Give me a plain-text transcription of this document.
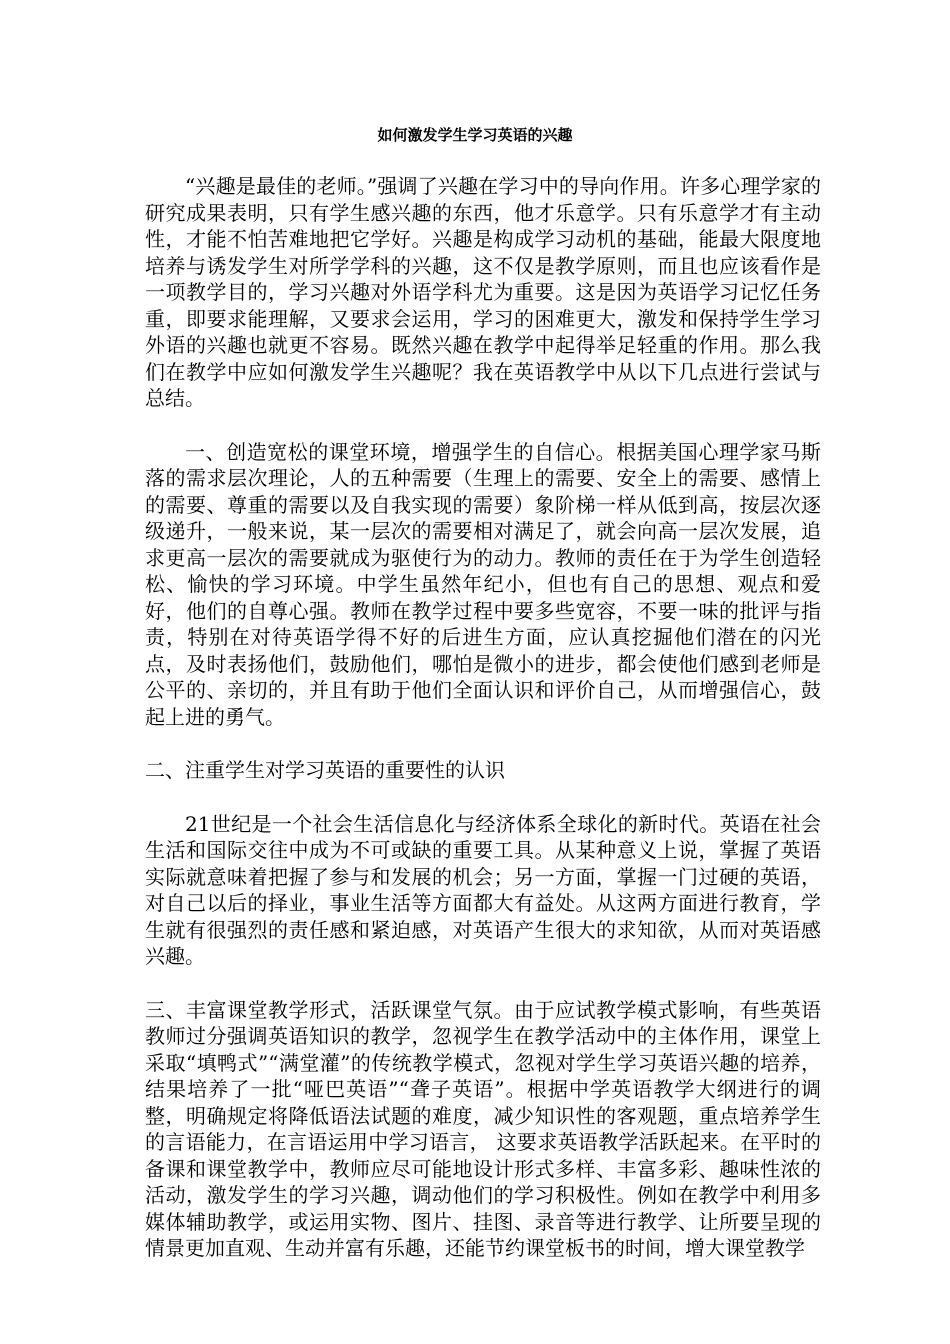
如何激发学生学习英语的兴趣

“兴趣是最佳的老师。”强调了兴趣在学习中的导向作用。许多心理学家的研究成果表明，只有学生感兴趣的东西，他才乐意学。只有乐意学才有主动性，才能不怕苦难地把它学好。兴趣是构成学习动机的基础，能最大限度地培养与诱发学生对所学学科的兴趣，这不仅是教学原则，而且也应该看作是一项教学目的，学习兴趣对外语学科尤为重要。这是因为英语学习记忆任务重，即要求能理解，又要求会运用，学习的困难更大，激发和保持学生学习外语的兴趣也就更不容易。既然兴趣在教学中起得举足轻重的作用。那么我们在教学中应如何激发学生兴趣呢？我在英语教学中从以下几点进行尝试与总结。

一、创造宽松的课堂环境，增强学生的自信心。根据美国心理学家马斯落的需求层次理论，人的五种需要（生理上的需要、安全上的需要、感情上的需要、尊重的需要以及自我实现的需要）象阶梯一样从低到高，按层次逐级递升，一般来说，某一层次的需要相对满足了，就会向高一层次发展，追求更高一层次的需要就成为驱使行为的动力。教师的责任在于为学生创造轻松、愉快的学习环境。中学生虽然年纪小，但也有自己的思想、观点和爱好，他们的自尊心强。教师在教学过程中要多些宽容，不要一味的批评与指责，特别在对待英语学得不好的后进生方面，应认真挖掘他们潜在的闪光点，及时表扬他们，鼓励他们，哪怕是微小的进步，都会使他们感到老师是公平的、亲切的，并且有助于他们全面认识和评价自己，从而增强信心，鼓起上进的勇气。

二、注重学生对学习英语的重要性的认识

21世纪是一个社会生活信息化与经济体系全球化的新时代。英语在社会生活和国际交往中成为不可或缺的重要工具。从某种意义上说，掌握了英语实际就意味着把握了参与和发展的机会；另一方面，掌握一门过硬的英语，对自己以后的择业，事业生活等方面都大有益处。从这两方面进行教育，学生就有很强烈的责任感和紧迫感，对英语产生很大的求知欲，从而对英语感兴趣。

三、丰富课堂教学形式，活跃课堂气氛。由于应试教学模式影响，有些英语教师过分强调英语知识的教学，忽视学生在教学活动中的主体作用，课堂上采取“填鸭式”“满堂灌”的传统教学模式，忽视对学生学习英语兴趣的培养，结果培养了一批“哑巴英语”“聋子英语”。根据中学英语教学大纲进行的调整，明确规定将降低语法试题的难度，减少知识性的客观题，重点培养学生的言语能力，在言语运用中学习语言， 这要求英语教学活跃起来。在平时的备课和课堂教学中，教师应尽可能地设计形式多样、丰富多彩、趣味性浓的活动，激发学生的学习兴趣，调动他们的学习积极性。例如在教学中利用多媒体辅助教学，或运用实物、图片、挂图、录音等进行教学、让所要呈现的情景更加直观、生动并富有乐趣，还能节约课堂板书的时间，增大课堂教学
